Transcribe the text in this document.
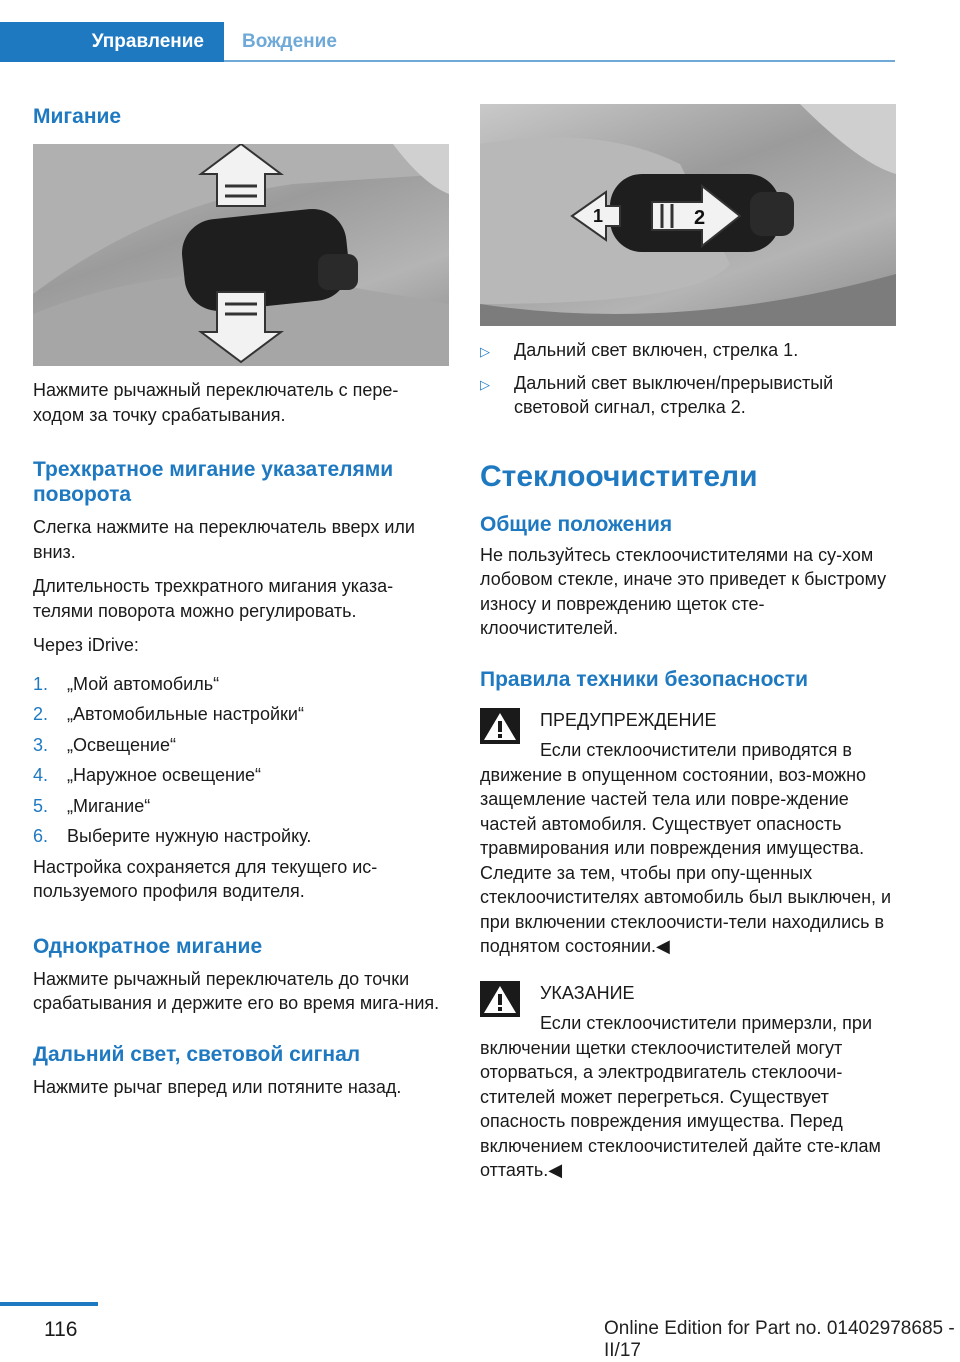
Управление	Вождение
Мигание

Нажмите рычажный переключатель с пере-ходом за точку срабатывания.

Трехкратное мигание указателями поворота

Слегка нажмите на переключатель вверх или вниз.

Длительность трехкратного мигания указа-телями поворота можно регулировать.

Через iDrive:

1.	„Мой автомобиль“
2.	„Автомобильные настройки“
3.	„Освещение“
4.	„Наружное освещение“
5.	„Мигание“
6.	Выберите нужную настройку.

Настройка сохраняется для текущего ис-пользуемого профиля водителя.

Однократное мигание

Нажмите рычажный переключатель до точки срабатывания и держите его во время мига-ния.

Дальний свет, световой сигнал

Нажмите рычаг вперед или потяните назад.

1	2
▷	Дальний свет включен, стрелка 1.
▷	Дальний свет выключен/прерывистый световой сигнал, стрелка 2.
Стеклоочистители
Общие положения

Не пользуйтесь стеклоочистителями на су-хом лобовом стекле, иначе это приведет к быстрому износу и повреждению щеток сте-клоочистителей.

Правила техники безопасности

ПРЕДУПРЕЖДЕНИЕ

Если стеклоочистители приводятся в

движение в опущенном состоянии, воз-можно защемление частей тела или повре-ждение частей автомобиля. Существует опасность травмирования или повреждения имущества. Следите за тем, чтобы при опу-щенных стеклоочистителях автомобиль был выключен, и при включении стеклоочисти-тели находились в поднятом состоянии.◀

УКАЗАНИЕ

Если стеклоочистители примерзли, при

включении щетки стеклоочистителей могут оторваться, а электродвигатель стеклоочи-стителей может перегреться. Существует опасность повреждения имущества. Перед включением стеклоочистителей дайте сте-клам оттаять.◀

116	Online Edition for Part no. 01402978685 - II/17
